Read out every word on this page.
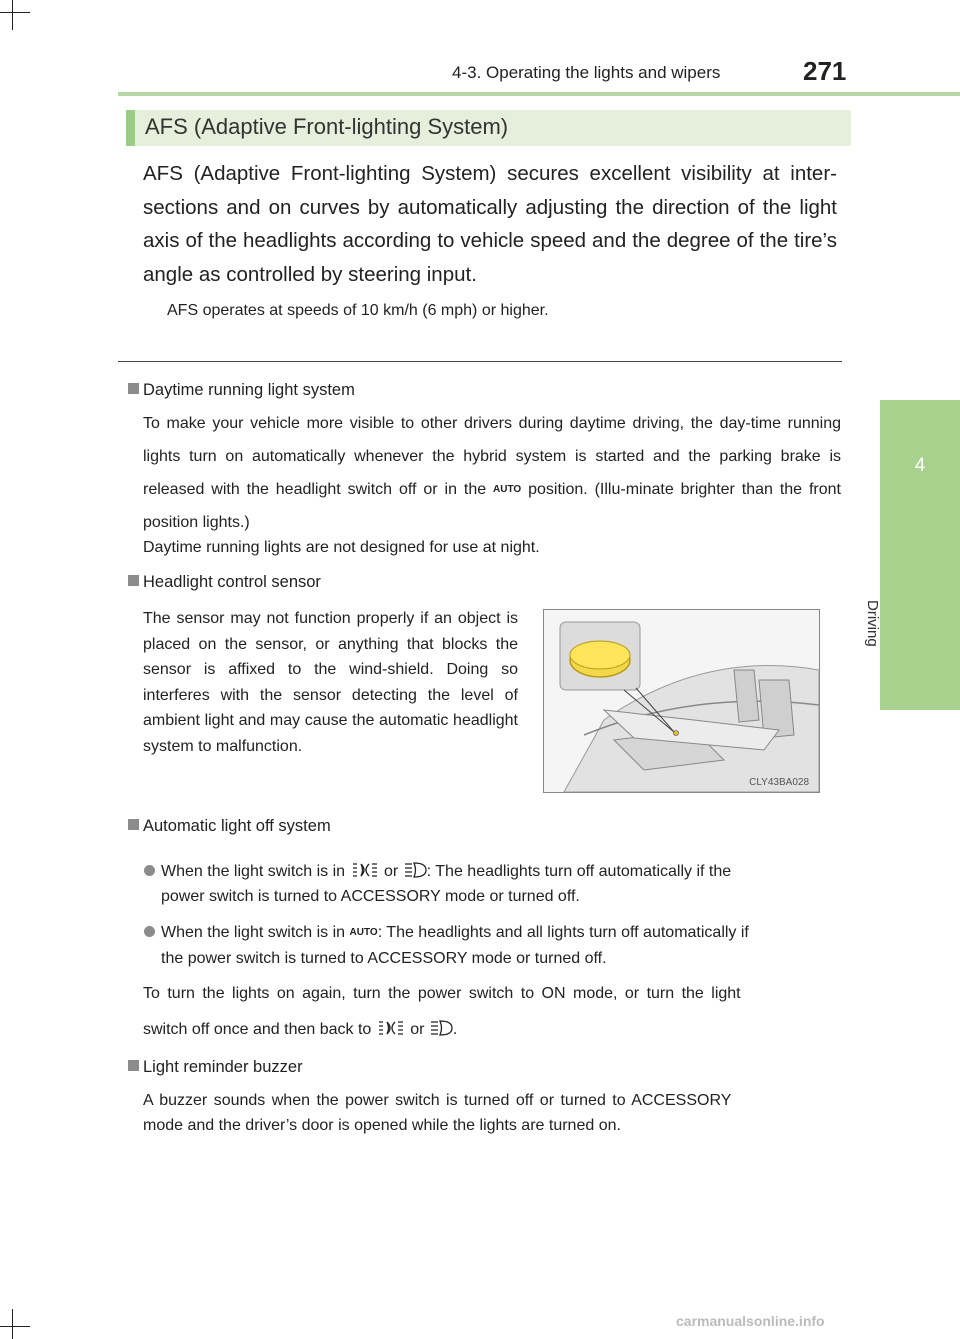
4-3. Operating the lights and wipers	271
4
Driving
AFS (Adaptive Front-lighting System)
AFS (Adaptive Front-lighting System) secures excellent visibility at inter-sections and on curves by automatically adjusting the direction of the light axis of the headlights according to vehicle speed and the degree of the tire’s angle as controlled by steering input.
AFS operates at speeds of 10 km/h (6 mph) or higher.
Daytime running light system
To make your vehicle more visible to other drivers during daytime driving, the day-time running lights turn on automatically whenever the hybrid system is started and the parking brake is released with the headlight switch off or in the AUTO position. (Illu-minate brighter than the front position lights.)
Daytime running lights are not designed for use at night.
Headlight control sensor
The sensor may not function properly if an object is placed on the sensor, or anything that blocks the sensor is affixed to the wind-shield. Doing so interferes with the sensor detecting the level of ambient light and may cause the automatic headlight system to malfunction.
CLY43BA028
Automatic light off system
When the light switch is in or : The headlights turn off automatically if the
power switch is turned to ACCESSORY mode or turned off.
When the light switch is in AUTO: The headlights and all lights turn off automatically if
the power switch is turned to ACCESSORY mode or turned off.
To turn the lights on again, turn the power switch to ON mode, or turn the light
switch off once and then back to or .
Light reminder buzzer
A buzzer sounds when the power switch is turned off or turned to ACCESSORY
mode and the driver’s door is opened while the lights are turned on.
carmanualsonline.info
